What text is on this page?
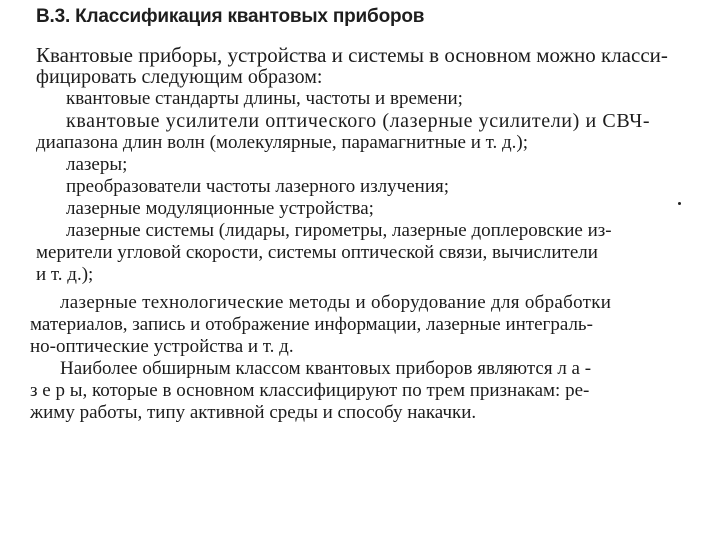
В.3. Классификация квантовых приборов
Квантовые приборы, устройства и системы в основном можно класси-
фицировать следующим образом:
квантовые стандарты длины, частоты и времени;
квантовые усилители оптического (лазерные усилители) и СВЧ-
диапазона длин волн (молекулярные, парамагнитные и т. д.);
лазеры;
преобразователи частоты лазерного излучения;
лазерные модуляционные устройства;
лазерные системы (лидары, гирометры, лазерные доплеровские из-
мерители угловой скорости, системы оптической связи, вычислители
и т. д.);
лазерные технологические методы и оборудование для обработки
материалов, запись и отображение информации, лазерные интеграль-
но-оптические устройства и т. д.
Наиболее обширным классом квантовых приборов являются л а -
з е р ы, которые в основном классифицируют по трем признакам: ре-
жиму работы, типу активной среды и способу накачки.
